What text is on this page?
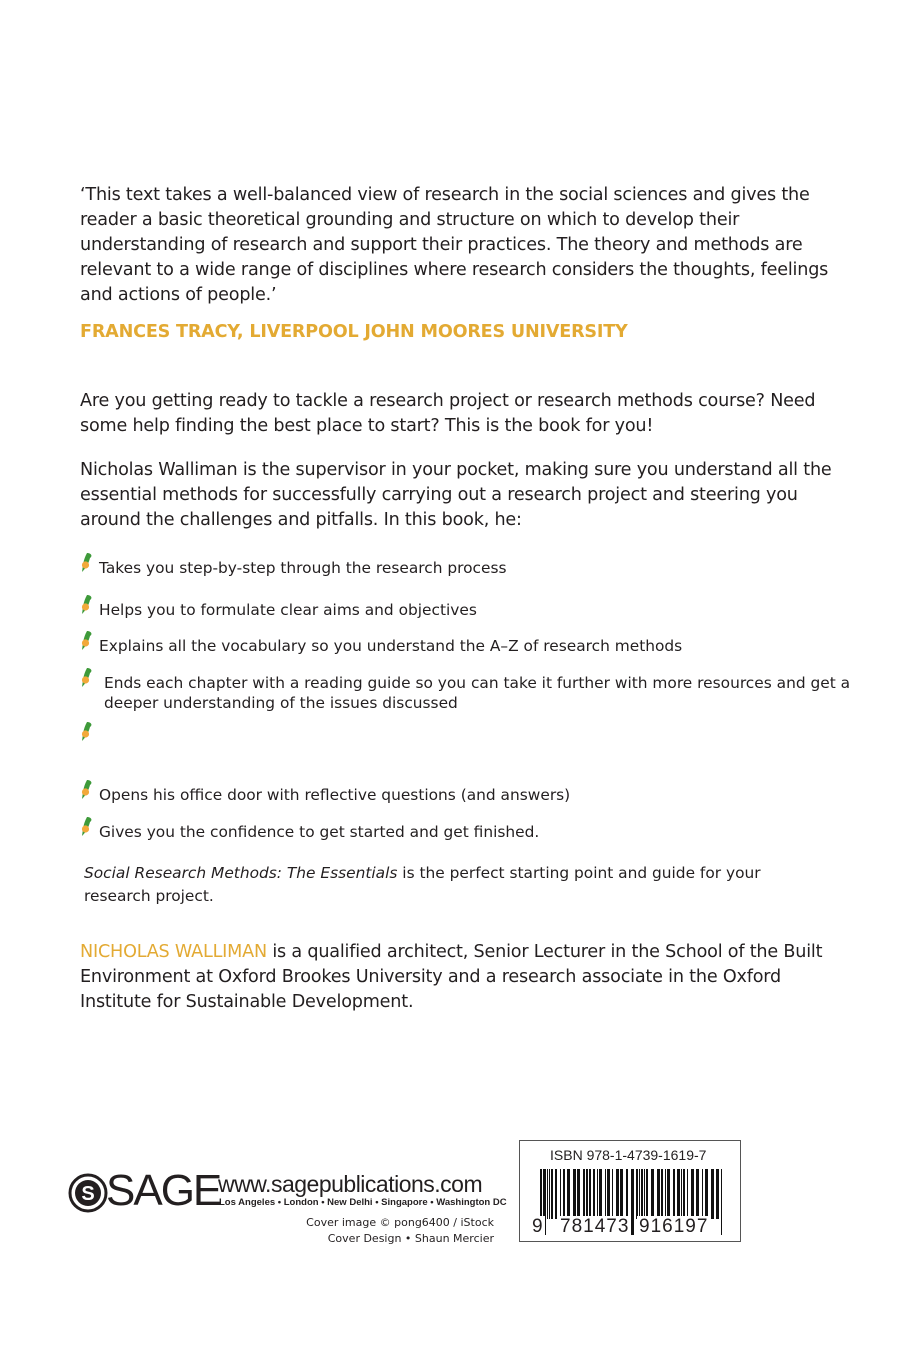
‘This text takes a well-balanced view of research in the social sciences and gives the reader a basic theoretical grounding and structure on which to develop their understanding of research and support their practices. The theory and methods are relevant to a wide range of disciplines where research considers the thoughts, feelings and actions of people.’
FRANCES TRACY, LIVERPOOL JOHN MOORES UNIVERSITY
Are you getting ready to tackle a research project or research methods course? Need some help finding the best place to start? This is the book for you!
Nicholas Walliman is the supervisor in your pocket, making sure you understand all the essential methods for successfully carrying out a research project and steering you around the challenges and pitfalls. In this book, he:
Takes you step-by-step through the research process
Helps you to formulate clear aims and objectives
Explains all the vocabulary so you understand the A–Z of research methods
Ends each chapter with a reading guide so you can take it further with more resources and get a
deeper understanding of the issues discussed
Opens his office door with reflective questions (and answers)
Gives you the confidence to get started and get finished.
Social Research Methods: The Essentials is the perfect starting point and guide for your
research project.
NICHOLAS WALLIMAN is a qualified architect, Senior Lecturer in the School of the Built Environment at Oxford Brookes University and a research associate in the Oxford Institute for Sustainable Development.
S SAGE
www.sagepublications.com
Los Angeles • London • New Delhi • Singapore • Washington DC
Cover image © pong6400 / iStock
Cover Design • Shaun Mercier
ISBN 978-1-4739-1619-7
9 781473 916197
